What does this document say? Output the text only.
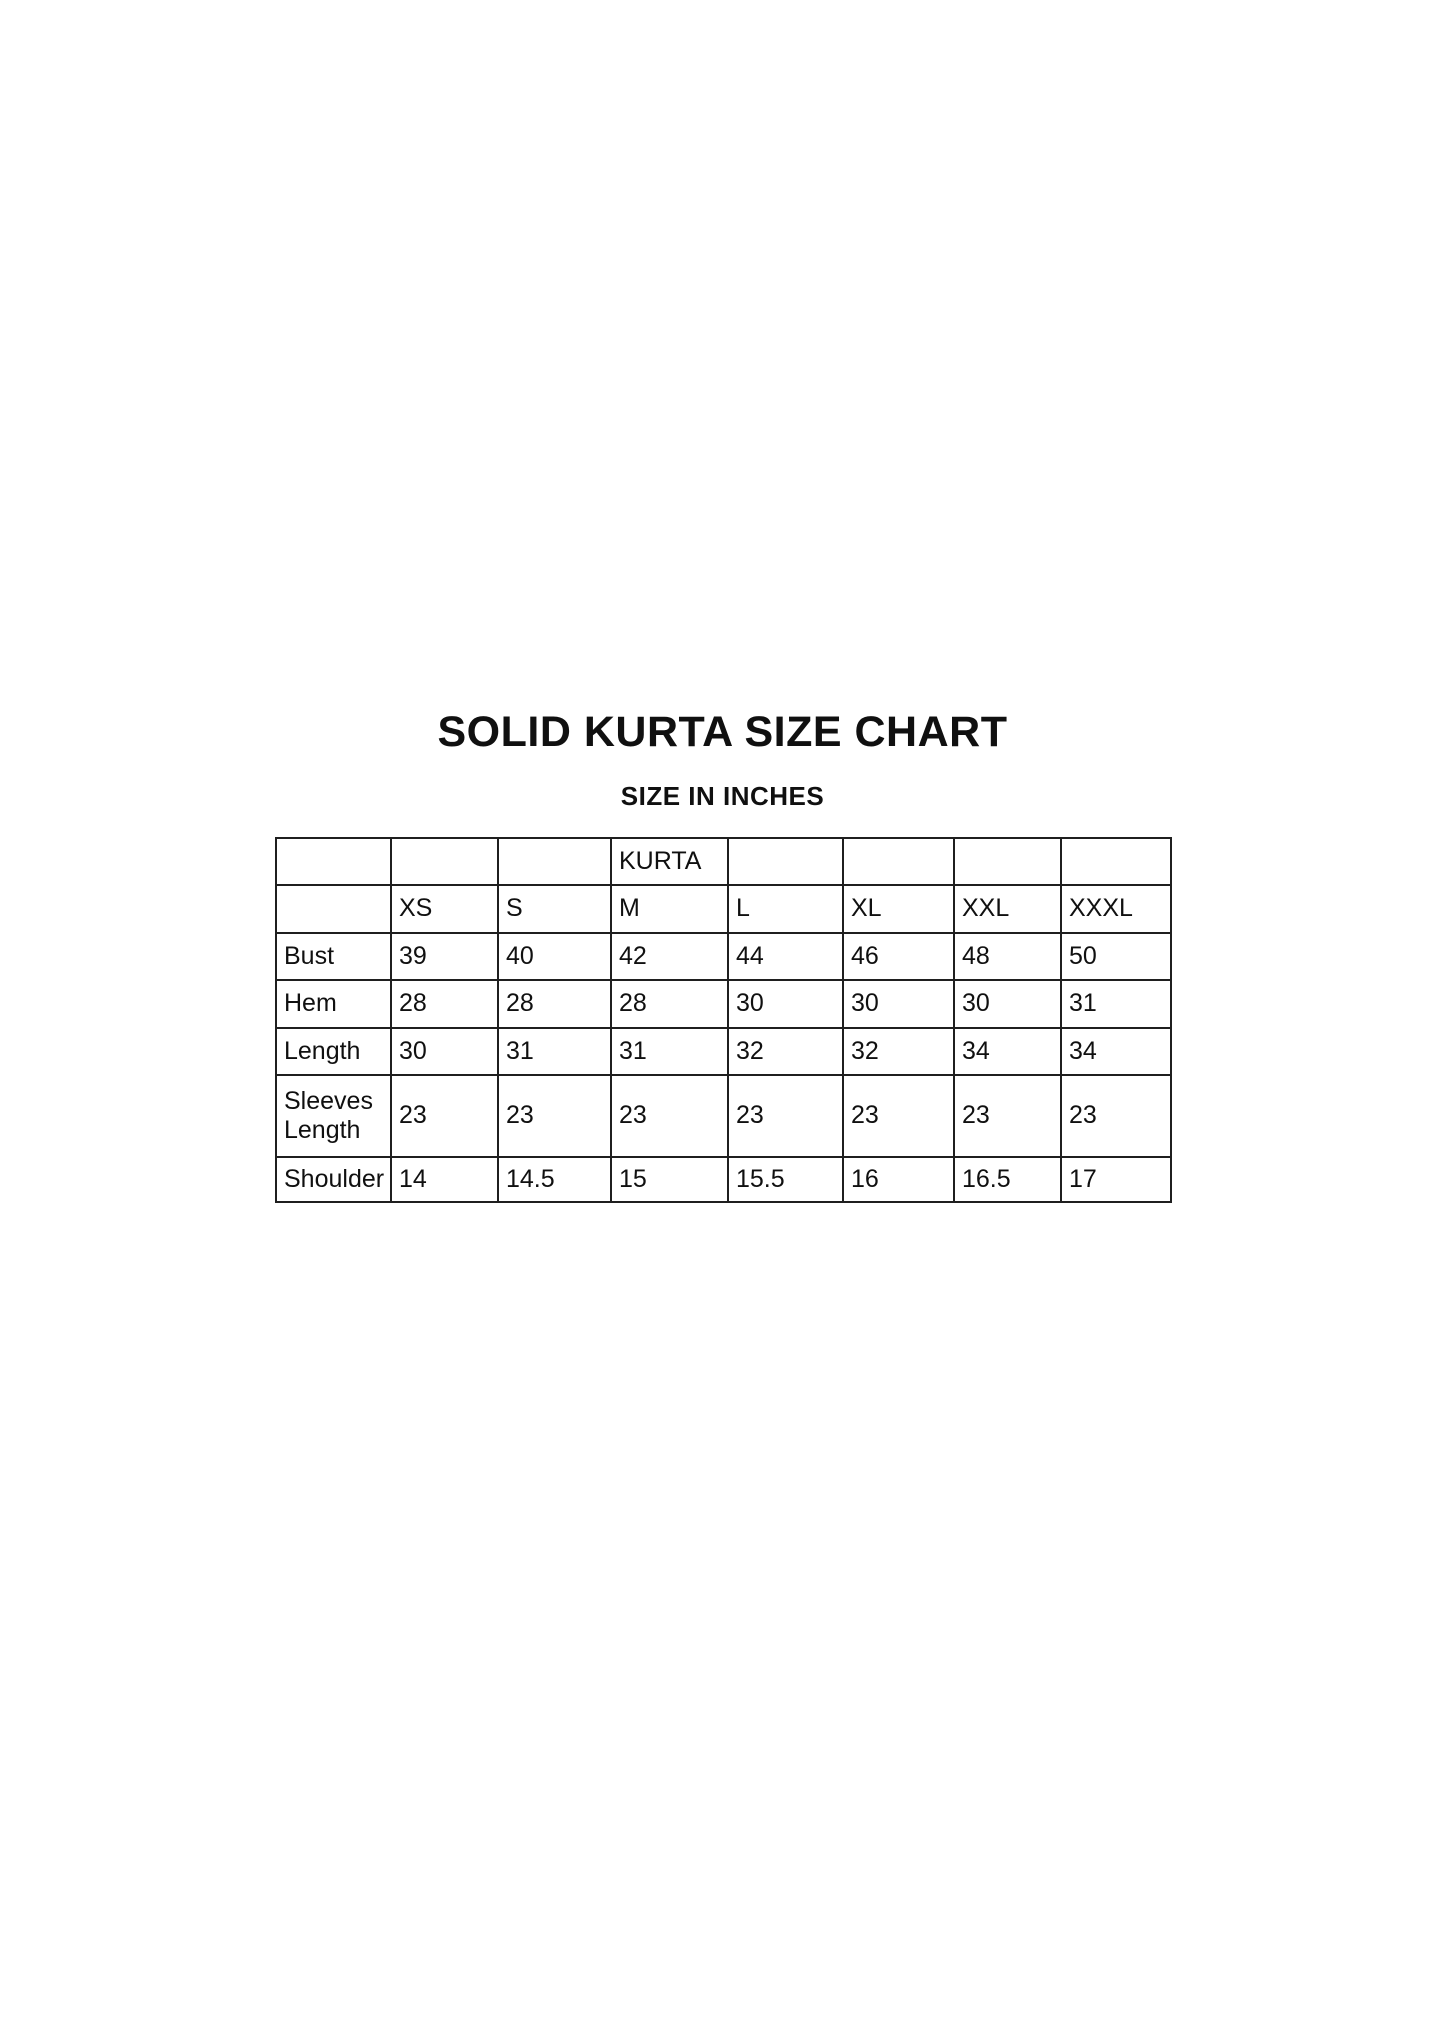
SOLID KURTA SIZE CHART
SIZE IN INCHES
			KURTA				
	XS	S	M	L	XL	XXL	XXXL
Bust	39	40	42	44	46	48	50
Hem	28	28	28	30	30	30	31
Length	30	31	31	32	32	34	34
Sleeves Length	23	23	23	23	23	23	23
Shoulder	14	14.5	15	15.5	16	16.5	17
